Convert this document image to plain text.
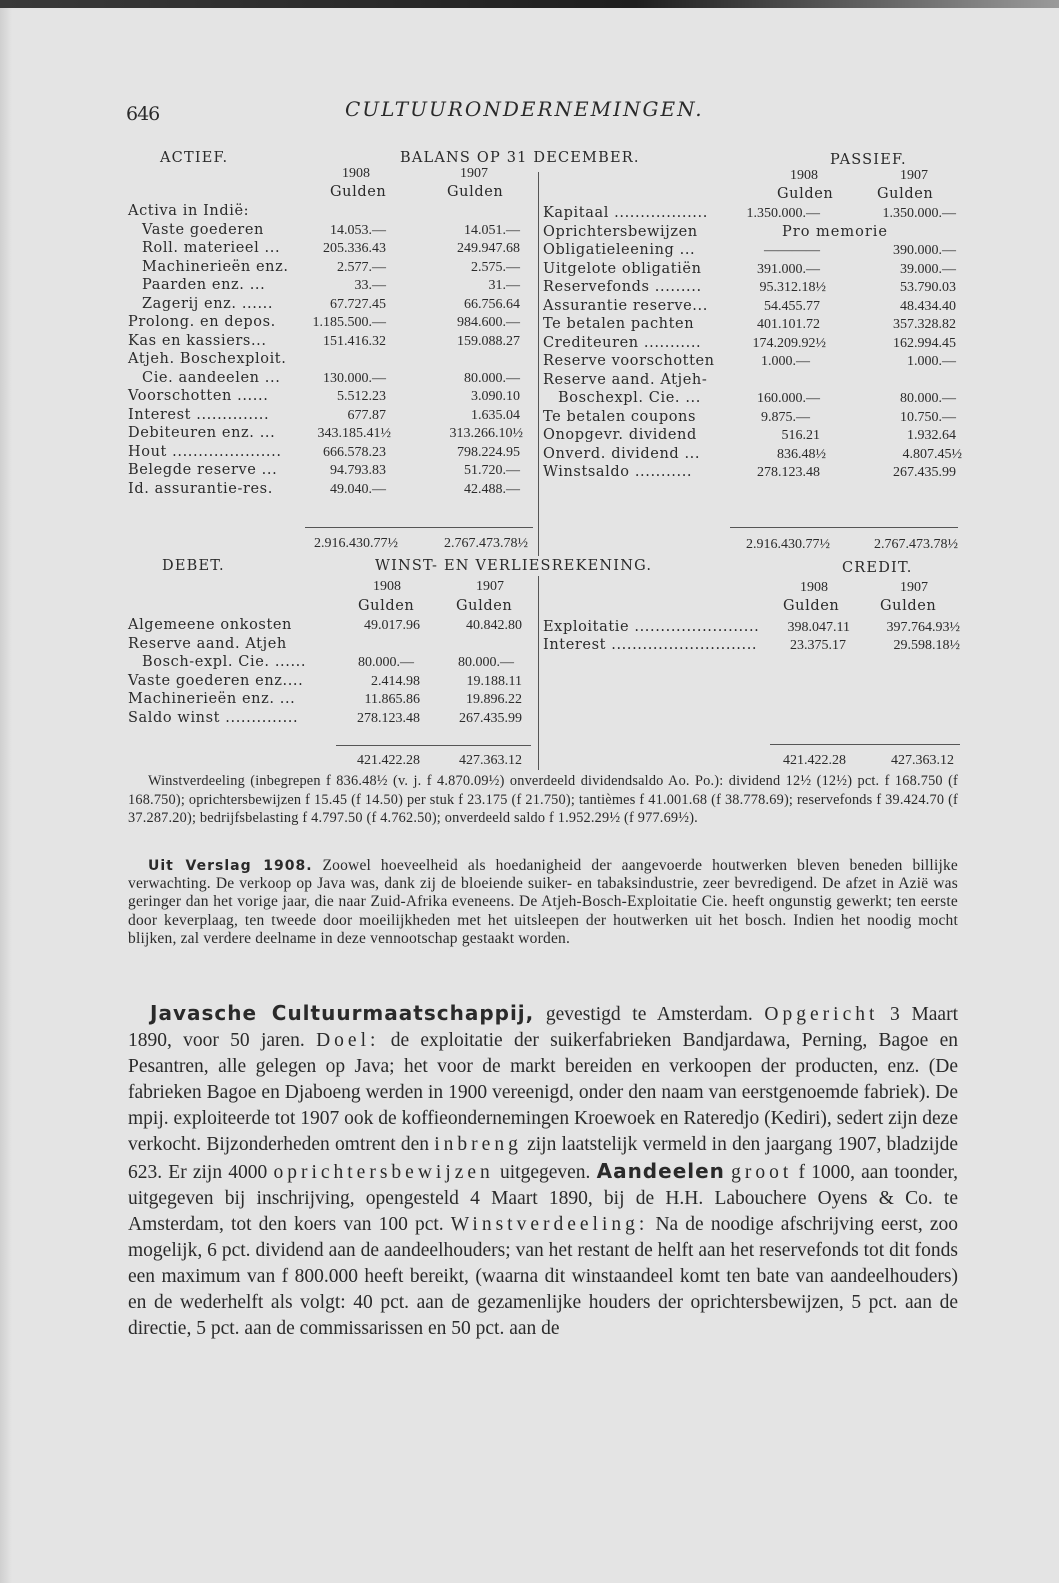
646	CULTUURONDERNEMINGEN.
ACTIEF.	BALANS OP 31 DECEMBER.	PASSIEF.
1908	1907
Gulden	Gulden
1908	1907
Gulden	Gulden
Activa in Indië:
Vaste goederen	14.053.—	14.051.—
Roll. materieel ...	205.336.43	249.947.68
Machinerieën enz.	2.577.—	2.575.—
Paarden enz. ...	33.—	31.—
Zagerij enz. ......	67.727.45	66.756.64
Prolong. en depos.	1.185.500.—	984.600.—
Kas en kassiers...	151.416.32	159.088.27
Atjeh. Boschexploit.
Cie. aandeelen ...	130.000.—	80.000.—
Voorschotten ......	5.512.23	3.090.10
Interest ..............	677.87	1.635.04
Debiteuren enz. ...	343.185.41½	313.266.10½
Hout .....................	666.578.23	798.224.95
Belegde reserve ...	94.793.83	51.720.—
Id. assurantie-res.	49.040.—	42.488.—
2.916.430.77½	2.767.473.78½
Kapitaal ..................	1.350.000.—	1.350.000.—
Oprichtersbewijzen	Pro memorie
Obligatieleening ...	————	390.000.—
Uitgelote obligatiën	391.000.—	39.000.—
Reservefonds .........	95.312.18½	53.790.03
Assurantie reserve...	54.455.77	48.434.40
Te betalen pachten	401.101.72	357.328.82
Crediteuren ...........	174.209.92½	162.994.45
Reserve voorschotten	1.000.—	1.000.—
Reserve aand. Atjeh-
Boschexpl. Cie. ...	160.000.—	80.000.—
Te betalen coupons	9.875.—	10.750.—
Onopgevr. dividend	516.21	1.932.64
Onverd. dividend ...	836.48½	4.807.45½
Winstsaldo ...........	278.123.48	267.435.99
2.916.430.77½	2.767.473.78½
DEBET.	WINST- EN VERLIESREKENING.	CREDIT.
1908	1907
Gulden	Gulden
1908	1907
Gulden	Gulden
Algemeene onkosten	49.017.96	40.842.80
Reserve aand. Atjeh
Bosch-expl. Cie. ......	80.000.—	80.000.—
Vaste goederen enz....	2.414.98	19.188.11
Machinerieën enz. ...	11.865.86	19.896.22
Saldo winst ..............	278.123.48	267.435.99
421.422.28	427.363.12
Exploitatie ........................	398.047.11	397.764.93½
Interest ............................	23.375.17	29.598.18½
421.422.28	427.363.12
Winstverdeeling (inbegrepen f 836.48½ (v. j. f 4.870.09½) onverdeeld dividendsaldo Ao. Po.): dividend 12½ (12½) pct. f 168.750 (f 168.750); oprichtersbewijzen f 15.45 (f 14.50) per stuk f 23.175 (f 21.750); tantièmes f 41.001.68 (f 38.778.69); reservefonds f 39.424.70 (f 37.287.20); bedrijfsbelasting f 4.797.50 (f 4.762.50); onverdeeld saldo f 1.952.29½ (f 977.69½).
Uit Verslag 1908. Zoowel hoeveelheid als hoedanigheid der aangevoerde houtwerken bleven beneden billijke verwachting. De verkoop op Java was, dank zij de bloeiende suiker- en tabaksindustrie, zeer bevredigend. De afzet in Azië was geringer dan het vorige jaar, die naar Zuid-Afrika eveneens. De Atjeh-Bosch-Exploitatie Cie. heeft ongunstig gewerkt; ten eerste door keverplaag, ten tweede door moeilijkheden met het uitsleepen der houtwerken uit het bosch. Indien het noodig mocht blijken, zal verdere deelname in deze vennootschap gestaakt worden.
Javasche Cultuurmaatschappij, gevestigd te Amsterdam. Opgericht 3 Maart 1890, voor 50 jaren. Doel: de exploitatie der suikerfabrieken Bandjardawa, Perning, Bagoe en Pesantren, alle gelegen op Java; het voor de markt bereiden en verkoopen der producten, enz. (De fabrieken Bagoe en Djaboeng werden in 1900 vereenigd, onder den naam van eerstgenoemde fabriek). De mpij. exploiteerde tot 1907 ook de koffieondernemingen Kroewoek en Rateredjo (Kediri), sedert zijn deze verkocht. Bijzonderheden omtrent den inbreng zijn laatstelijk vermeld in den jaargang 1907, bladzijde 623. Er zijn 4000 oprichtersbewijzen uitgegeven. Aandeelen groot f 1000, aan toonder, uitgegeven bij inschrijving, opengesteld 4 Maart 1890, bij de H.H. Labouchere Oyens & Co. te Amsterdam, tot den koers van 100 pct. Winstverdeeling: Na de noodige afschrijving eerst, zoo mogelijk, 6 pct. dividend aan de aandeelhouders; van het restant de helft aan het reservefonds tot dit fonds een maximum van f 800.000 heeft bereikt, (waarna dit winstaandeel komt ten bate van aandeelhouders) en de wederhelft als volgt: 40 pct. aan de gezamenlijke houders der oprichtersbewijzen, 5 pct. aan de directie, 5 pct. aan de commissarissen en 50 pct. aan de
